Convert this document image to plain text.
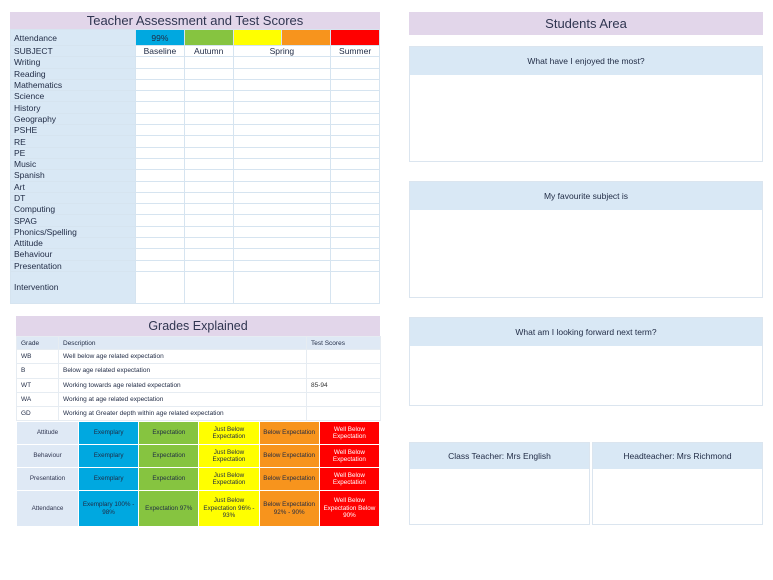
Teacher Assessment and Test Scores
Attendance	99%				
SUBJECT	Baseline	Autumn	Spring		Summer
Writing					
Reading					
Mathematics					
Science					
History					
Geography					
PSHE					
RE					
PE					
Music					
Spanish					
Art					
DT					
Computing					
SPAG					
Phonics/Spelling					
Attitude					
Behaviour					
Presentation					
Intervention					
Grades Explained
Grade	Description	Test Scores
WB	Well below age related expectation	Below 80
B	Below age related expectation	80 – 84
WT	Working towards age related expectation	85-94
WA	Working at age related expectation	95 – 114
GD	Working at Greater depth within age related expectation	115+
Attitude	Exemplary	Expectation	Just Below Expectation	Below Expectation	Well Below Expectation
Behaviour	Exemplary	Expectation	Just Below Expectation	Below Expectation	Well Below Expectation
Presentation	Exemplary	Expectation	Just Below Expectation	Below Expectation	Well Below Expectation
Attendance	Exemplary 100% - 98%	Expectation 97%	Just Below Expectation 96% - 93%	Below Expectation 92% - 90%	Well Below Expectation Below 90%
Students Area
What have I enjoyed the most?
My favourite subject is
What am I looking forward next term?
Class Teacher: Mrs English	Headteacher: Mrs Richmond
